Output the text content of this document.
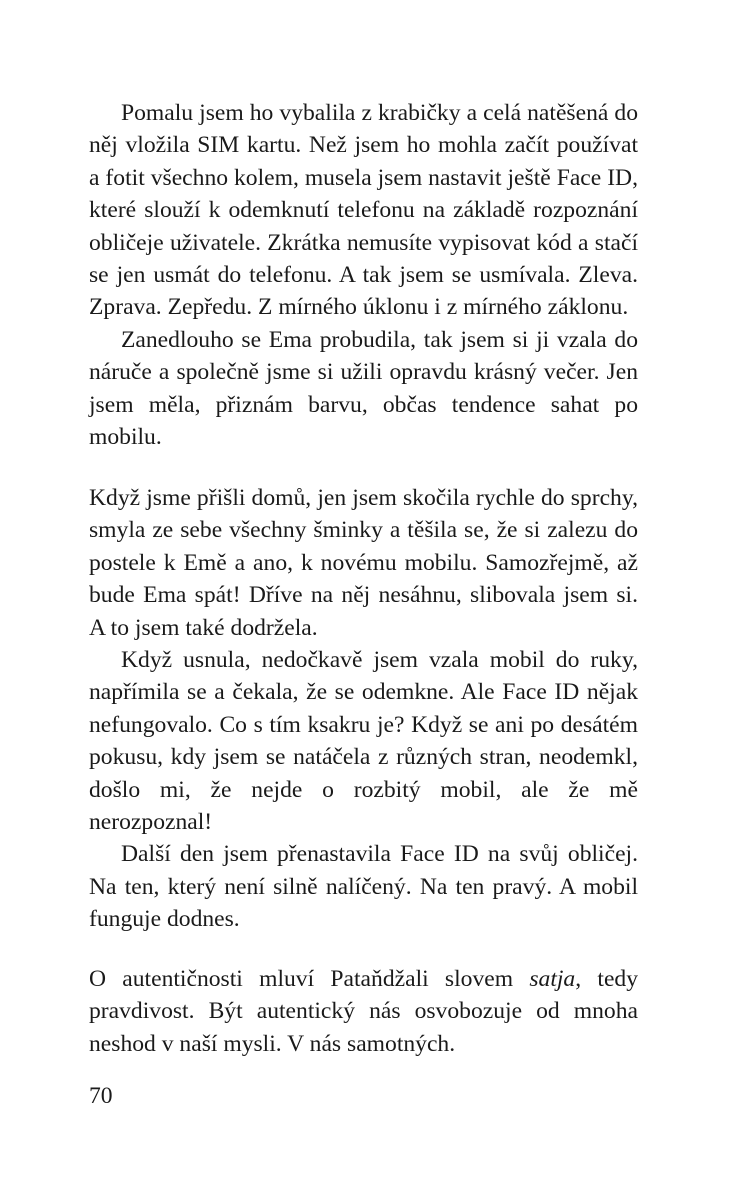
Pomalu jsem ho vybalila z krabičky a celá natěšená do něj vložila SIM kartu. Než jsem ho mohla začít používat a fotit všechno kolem, musela jsem nastavit ještě Face ID, které slouží k odemknutí telefonu na základě rozpoznání obličeje uživatele. Zkrátka nemusíte vypisovat kód a stačí se jen usmát do telefonu. A tak jsem se usmívala. Zleva. Zprava. Zepředu. Z mírného úklonu i z mírného záklonu.

Zanedlouho se Ema probudila, tak jsem si ji vzala do náruče a společně jsme si užili opravdu krásný večer. Jen jsem měla, přiznám barvu, občas tendence sahat po mobilu.

Když jsme přišli domů, jen jsem skočila rychle do sprchy, smyla ze sebe všechny šminky a těšila se, že si zalezu do postele k Emě a ano, k novému mobilu. Samozřejmě, až bude Ema spát! Dříve na něj nesáhnu, slibovala jsem si. A to jsem také dodržela.

Když usnula, nedočkavě jsem vzala mobil do ruky, napřímila se a čekala, že se odemkne. Ale Face ID nějak nefungovalo. Co s tím ksakru je? Když se ani po desátém pokusu, kdy jsem se natáčela z různých stran, neodemkl, došlo mi, že nejde o rozbitý mobil, ale že mě nerozpoznal!

Další den jsem přenastavila Face ID na svůj obličej. Na ten, který není silně nalíčený. Na ten pravý. A mobil funguje dodnes.

O autentičnosti mluví Pataňdžali slovem satja, tedy pravdivost. Být autentický nás osvobozuje od mnoha neshod v naší mysli. V nás samotných.

70
